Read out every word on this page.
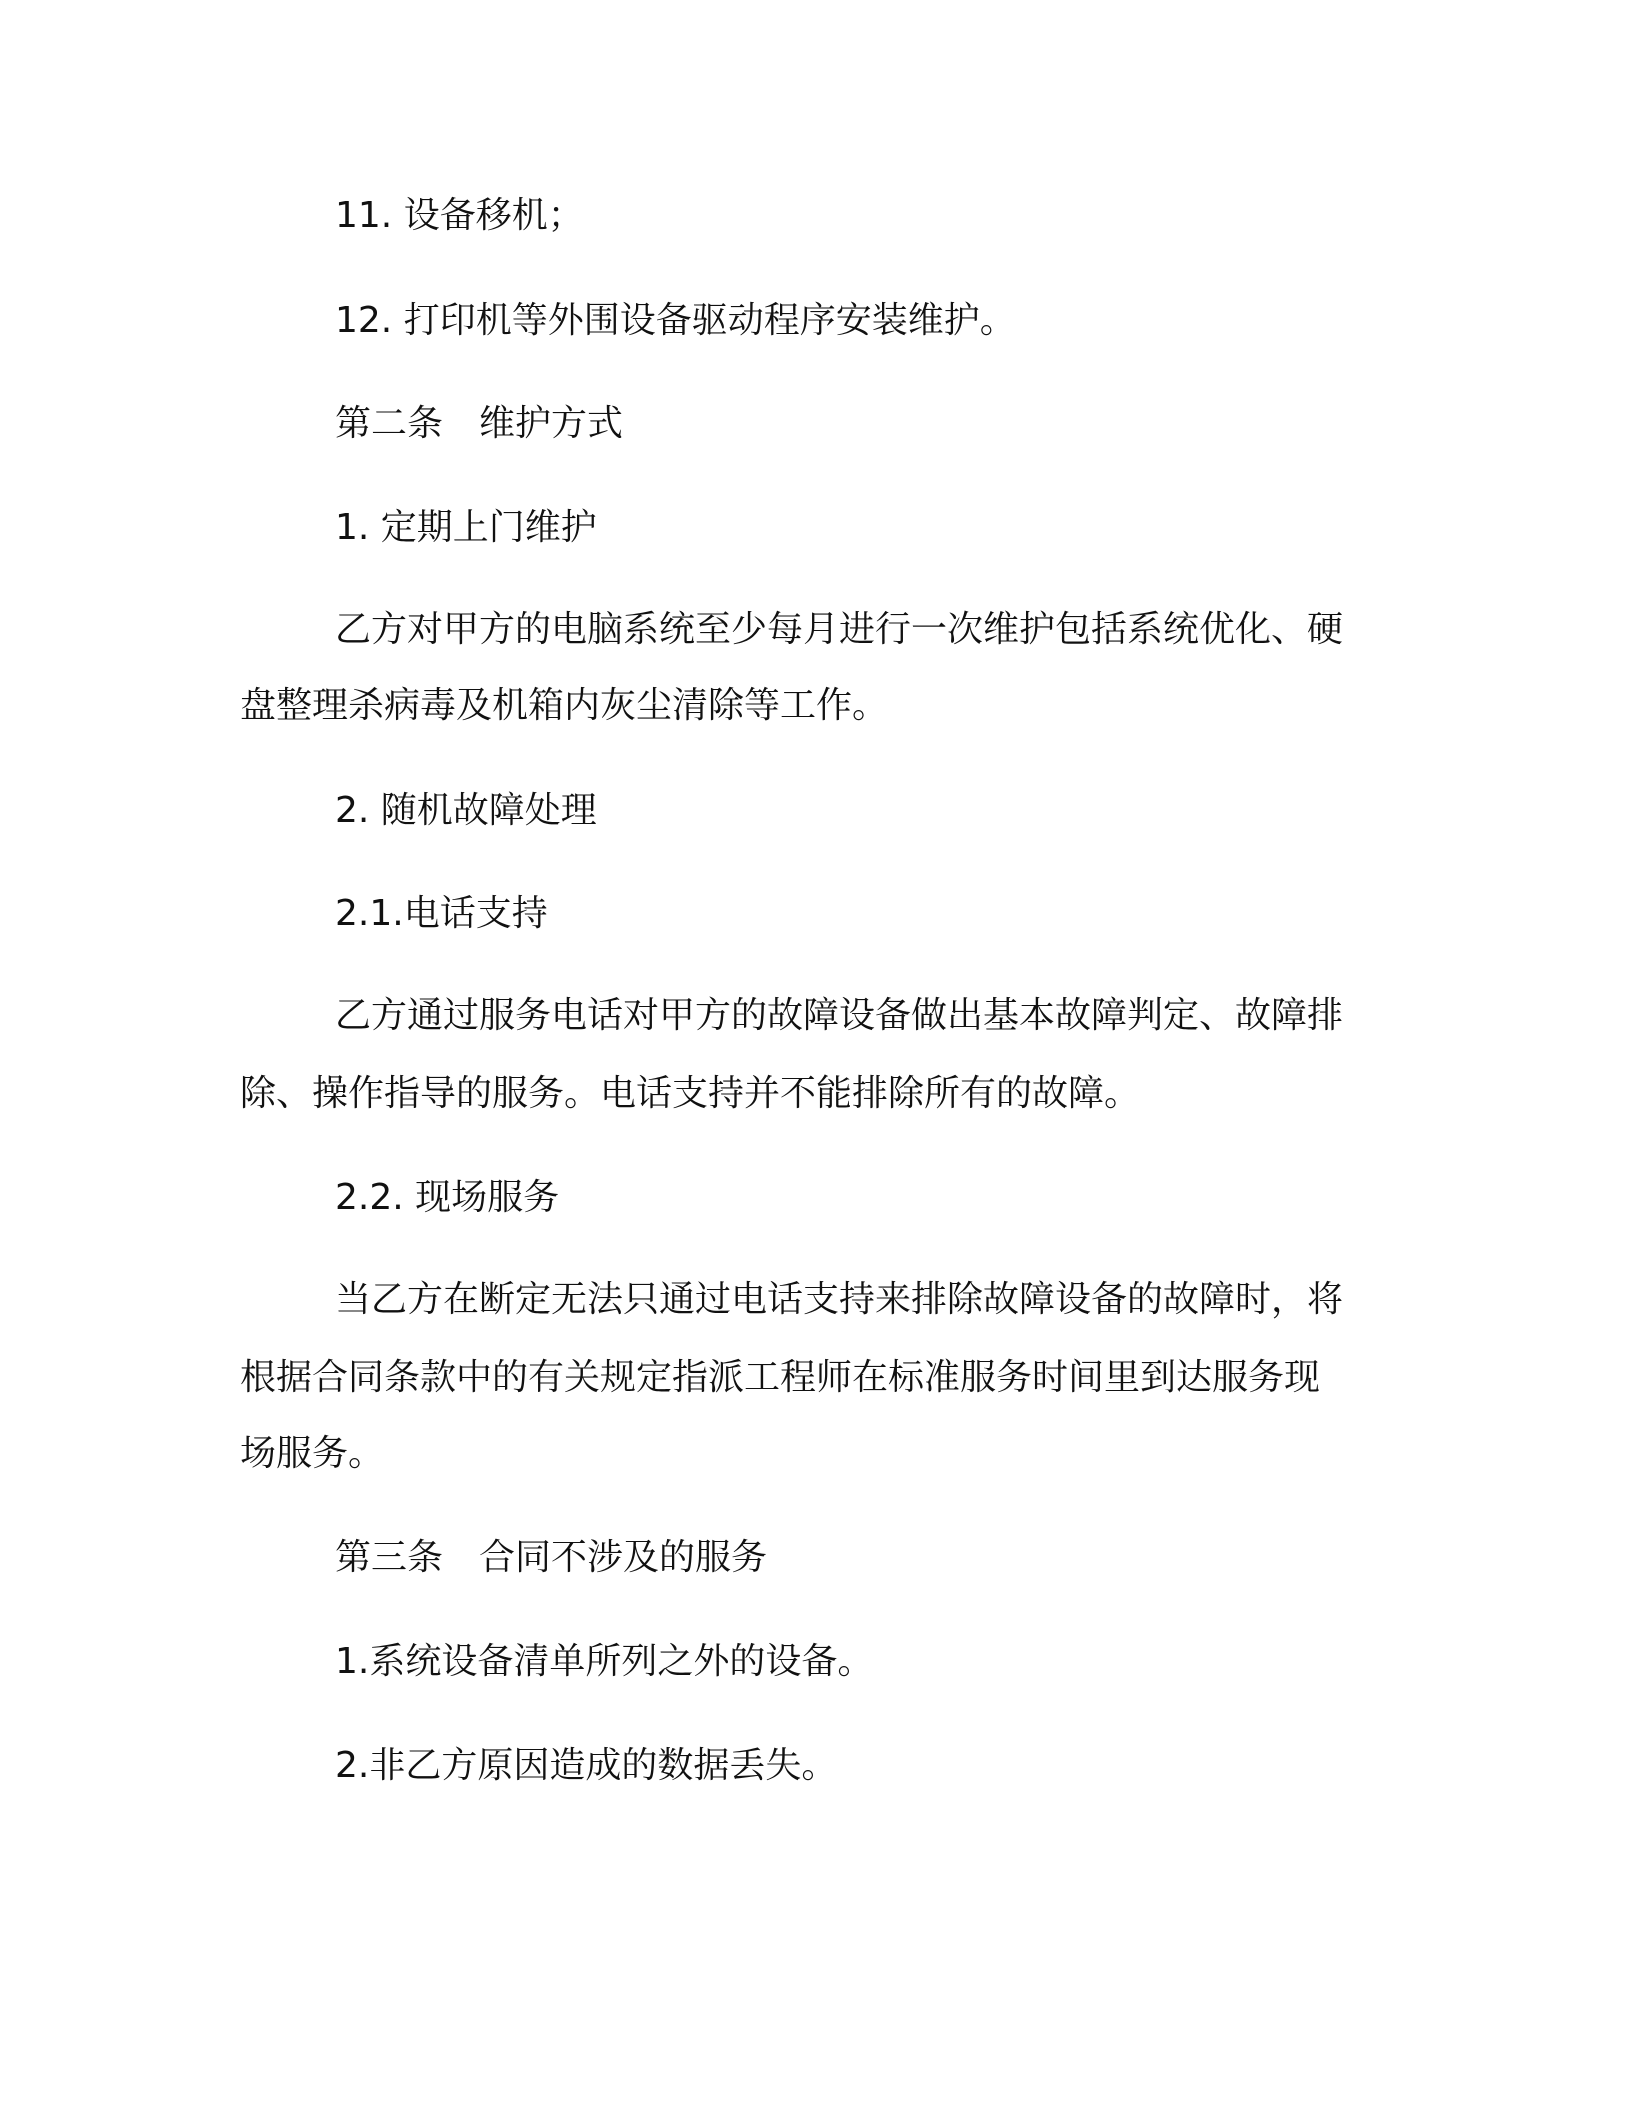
11. 设备移机；

12. 打印机等外围设备驱动程序安装维护。

第二条　维护方式

1. 定期上门维护

乙方对甲方的电脑系统至少每月进行一次维护包括系统优化、硬

盘整理杀病毒及机箱内灰尘清除等工作。

2. 随机故障处理

2.1.电话支持

乙方通过服务电话对甲方的故障设备做出基本故障判定、故障排

除、操作指导的服务。电话支持并不能排除所有的故障。

2.2. 现场服务

当乙方在断定无法只通过电话支持来排除故障设备的故障时，将

根据合同条款中的有关规定指派工程师在标准服务时间里到达服务现

场服务。

第三条　合同不涉及的服务

1.系统设备清单所列之外的设备。

2.非乙方原因造成的数据丢失。
